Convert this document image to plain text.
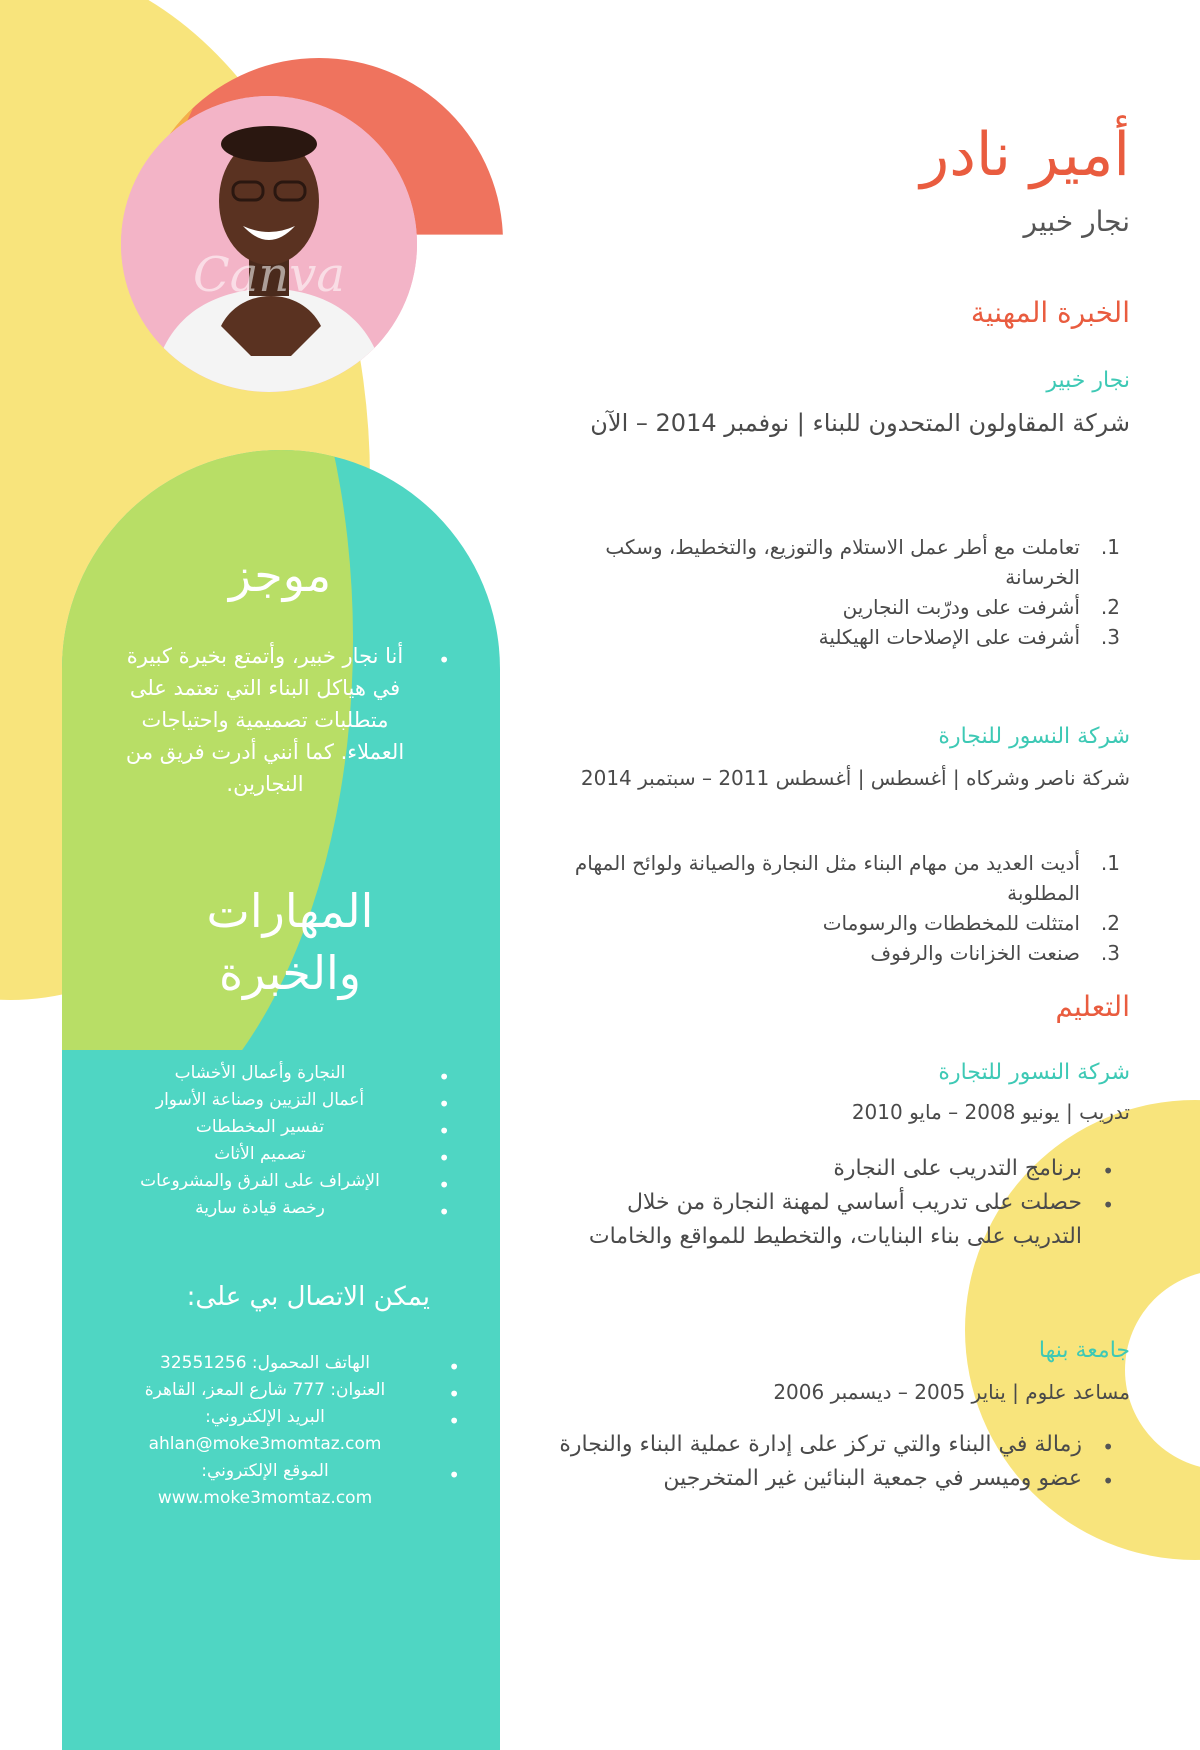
Canva
موجز
•
أنا نجار خبير، وأتمتع بخيرة كبيرة في هياكل البناء التي تعتمد على متطلبات تصميمية واحتياجات العملاء. كما أنني أدرت فريق من النجارين.
المهارات والخبرة
•
النجارة وأعمال الأخشاب
•
أعمال التزيين وصناعة الأسوار
•
تفسير المخططات
•
تصميم الأثاث
•
الإشراف على الفرق والمشروعات
•
رخصة قيادة سارية
يمكن الاتصال بي على:
•
الهاتف المحمول: 32551256
•
العنوان: 777 شارع المعز، القاهرة
•
البريد الإلكتروني: ahlan@moke3momtaz.com
•
الموقع الإلكتروني: www.moke3momtaz.com
أمير نادر
نجار خبير
الخبرة المهنية
نجار خبير
شركة المقاولون المتحدون للبناء | نوفمبر 2014 – الآن
1.
تعاملت مع أطر عمل الاستلام والتوزيع، والتخطيط، وسكب الخرسانة
2.
أشرفت على ودرّبت النجارين
3.
أشرفت على الإصلاحات الهيكلية
شركة النسور للنجارة
شركة ناصر وشركاه | أغسطس | أغسطس 2011 – سبتمبر 2014
1.
أديت العديد من مهام البناء مثل النجارة والصيانة ولوائح المهام المطلوبة
2.
امتثلت للمخططات والرسومات
3.
صنعت الخزانات والرفوف
التعليم
شركة النسور للتجارة
تدريب | يونيو 2008 – مايو 2010
•
برنامج التدريب على النجارة
•
حصلت على تدريب أساسي لمهنة النجارة من خلال التدريب على بناء البنايات، والتخطيط للمواقع والخامات
جامعة بنها
مساعد علوم | يناير 2005 – ديسمبر 2006
•
زمالة في البناء والتي تركز على إدارة عملية البناء والنجارة
•
عضو وميسر في جمعية البنائين غير المتخرجين
